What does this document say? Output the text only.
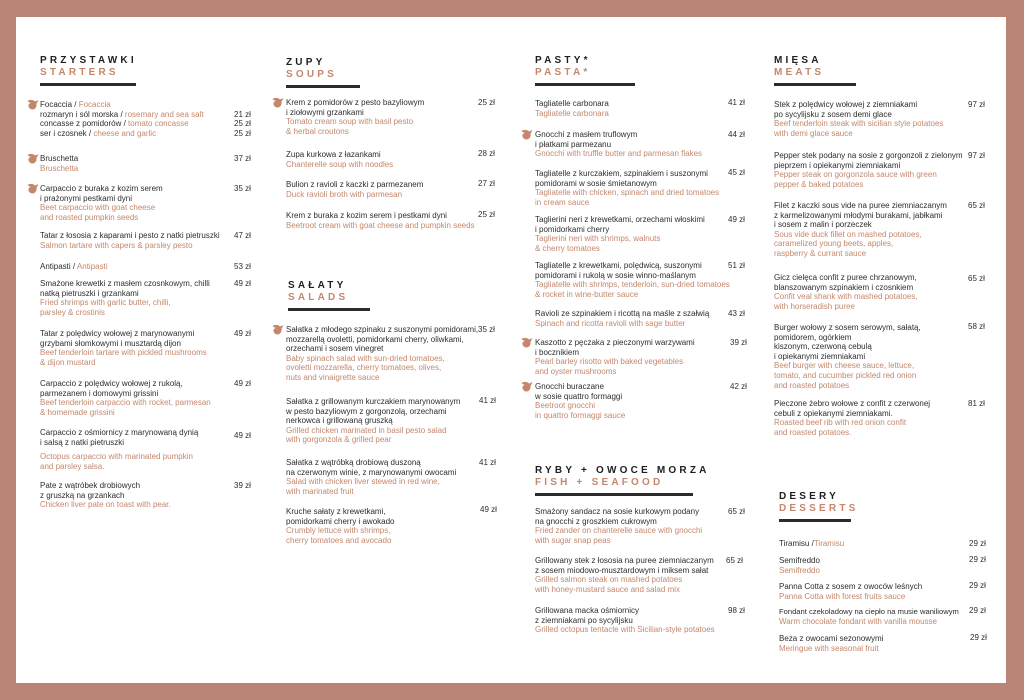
PRZYSTAWKI
STARTERS
Focaccia / Focaccia
rozmaryn i sól morska / rosemary and sea salt
concasse z pomidorów / tomato concasse
ser i czosnek / cheese and garlic
21 zł
25 zł
25 zł
Bruschetta
Bruschetta
37 zł
Carpaccio z buraka z kozim serem
i prażonymi pestkami dyni
Beet carpaccio with goat cheese
and roasted pumpkin seeds
35 zł
Tatar z łososia z kaparami i pesto z natki pietruszki
Salmon tartare with capers & parsley pesto
47 zł
Antipasti / Antipasti	53 zł
Smażone krewetki z masłem czosnkowym, chilli
natką pietruszki i grzankami
Fried shrimps with garlic butter, chilli,
parsley & crostinis
49 zł
Tatar z polędwicy wołowej z marynowanymi
grzybami słomkowymi i musztardą dijon
Beef tenderloin tartare with pickled mushrooms
& dijon mustard
49 zł
Carpaccio z polędwicy wołowej z rukolą,
parmezanem i domowymi grissini
Beef tenderloin carpaccio with rocket, parmesan
& homemade grissini
49 zł
Carpaccio z ośmiornicy z marynowaną dynią
i salsą z natki pietruszki
Octopus carpaccio with marinated pumpkin
and parsley salsa.
49 zł
Pate z wątróbek drobiowych
z gruszką na grzankach
Chicken liver pate on toast with pear.
39 zł
ZUPY
SOUPS
Krem z pomidorów z pesto bazyliowym
i ziołowymi grzankami
Tomato cream soup with basil pesto
& herbal croutons
25 zł
Zupa kurkowa z łazankami
Chanterelle soup with noodles
28 zł
Bulion z ravioli z kaczki z parmezanem
Duck ravioli broth with parmesan
27 zł
Krem z buraka z kozim serem i pestkami dyni
Beetroot cream with goat cheese and pumpkin seeds
25 zł
SAŁATY
SALADS
Sałatka z młodego szpinaku z suszonymi pomidorami,
mozzarellą ovoletti, pomidorkami cherry, oliwkami,
orzechami i sosem vinegret
Baby spinach salad with sun-dried tomatoes,
ovoletti mozzarella, cherry tomatoes, olives,
nuts and vinaigrette sauce
35 zł
Sałatka z grillowanym kurczakiem marynowanym
w pesto bazyliowym z gorgonzolą, orzechami
nerkowca i grillowaną gruszką
Grilled chicken marinated in basil pesto salad
with gorgonzola & grilled pear
41 zł
Sałatka z wątróbką drobiową duszoną
na czerwonym winie, z marynowanymi owocami
Salad with chicken liver stewed in red wine,
with marinated fruit
41 zł
Kruche sałaty z krewetkami,
pomidorkami cherry i awokado
Crumbly lettuce with shrimps,
cherry tomatoes and avocado
49 zł
PASTY*
PASTA*
Tagliatelle carbonara
Tagliatelle carbonara
41 zł
Gnocchi z masłem truflowym
i płatkami parmezanu
Gnocchi with truffle butter and parmesan flakes
44 zł
Tagliatelle z kurczakiem, szpinakiem i suszonymi
pomidorami w sosie śmietanowym
Tagliatelle with chicken, spinach and dried tomatoes
in cream sauce
45 zł
Taglierini neri z krewetkami, orzechami włoskimi
i pomidorkami cherry
Taglierini neri with shrimps, walnuts
& cherry tomatoes
49 zł
Tagliatelle z krewetkami, polędwicą, suszonymi
pomidorami i rukolą w sosie winno-maślanym
Tagliatelle with shrimps, tenderloin, sun-dried tomatoes
& rocket in wine-butter sauce
51 zł
Ravioli ze szpinakiem i ricottą na maśle z szałwią
Spinach and ricotta ravioli with sage butter
43 zł
Kaszotto z pęczaka z pieczonymi warzywami
i bocznikiem
Pearl barley risotto with baked vegetables
and oyster mushrooms
39 zł
Gnocchi buraczane
w sosie quattro formaggi
Beetroot gnocchi
in quattro formaggi sauce
42 zł
RYBY + OWOCE MORZA
FISH + SEAFOOD
Smażony sandacz na sosie kurkowym podany
na gnocchi z groszkiem cukrowym
Fried zander on chanterelle sauce with gnocchi
with sugar snap peas
65 zł
Grillowany stek z łososia na puree ziemniaczanym
z sosem miodowo-musztardowym i miksem sałat
Grilled salmon steak on mashed potatoes
with honey-mustard sauce and salad mix
65 zł
Grillowana macka ośmiornicy
z ziemniakami po sycylijsku
Grilled octopus tentacle with Sicilian-style potatoes
98 zł
MIĘSA
MEATS
Stek z polędwicy wołowej z ziemniakami
po sycylijsku z sosem demi glace
Beef tenderloin steak with sicilian style potatoes
with demi glace sauce
97 zł
Pepper stek podany na sosie z gorgonzoli z zielonym
pieprzem i opiekanymi ziemniakami
Pepper steak on gorgonzola sauce with green
pepper & baked potatoes
97 zł
Filet z kaczki sous vide na puree ziemniaczanym
z karmelizowanymi młodymi burakami, jabłkami
i sosem z malin i porzeczek
Sous vide duck fillet on mashed potatoes,
caramelized young beets, apples,
raspberry & currant sauce
65 zł
Gicz cielęca confit z puree chrzanowym,
blanszowanym szpinakiem i czosnkiem
Confit veal shank with mashed potatoes,
with horseradish puree
65 zł
Burger wołowy z sosem serowym, sałatą,
pomidorem, ogórkiem
kiszonym, czerwoną cebulą
i opiekanymi ziemniakami
Beef burger with cheese sauce, lettuce,
tomato, and cucumber pickled red onion
and roasted potatoes
58 zł
Pieczone żebro wołowe z confit z czerwonej
cebuli z opiekanymi ziemniakami.
Roasted beef rib with red onion confit
and roasted potatoes.
81 zł
DESERY
DESSERTS
Tiramisu /Tiramisu	29 zł
Semifreddo
Semifreddo
29 zł
Panna Cotta z sosem z owoców leśnych
Panna Cotta with forest fruits sauce
29 zł
Fondant czekoladowy na ciepło na musie waniliowym
Warm chocolate fondant with vanilla mousse
29 zł
Beza z owocami sezonowymi
Meringue with seasonal fruit
29 zł
